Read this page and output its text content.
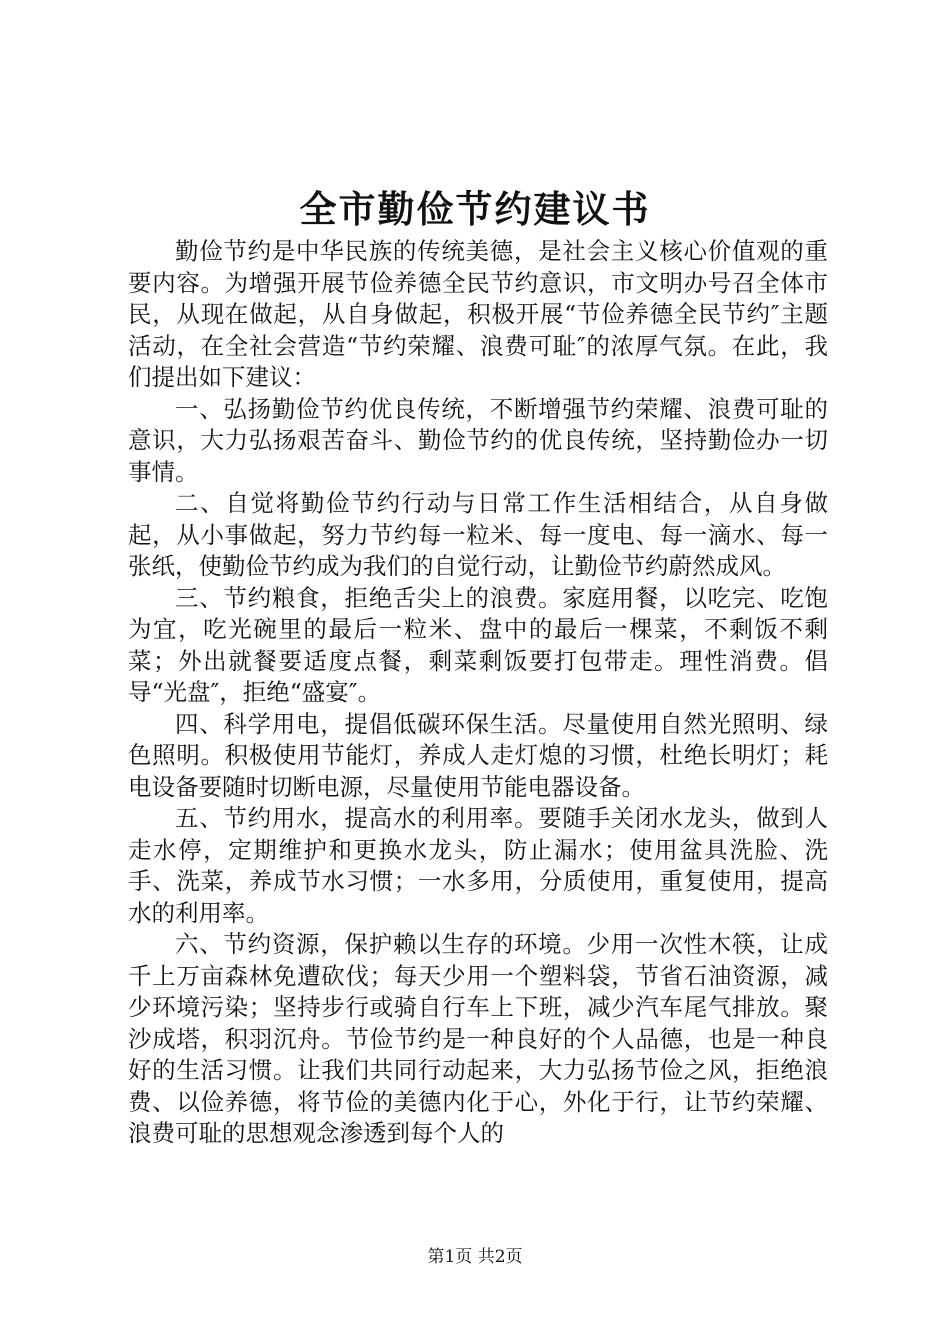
全市勤俭节约建议书

勤俭节约是中华民族的传统美德，是社会主义核心价值观的重要内容。为增强开展节俭养德全民节约意识，市文明办号召全体市民，从现在做起，从自身做起，积极开展“节俭养德全民节约″主题活动，在全社会营造“节约荣耀、浪费可耻″的浓厚气氛。在此，我们提出如下建议：

一、弘扬勤俭节约优良传统，不断增强节约荣耀、浪费可耻的意识，大力弘扬艰苦奋斗、勤俭节约的优良传统，坚持勤俭办一切事情。

二、自觉将勤俭节约行动与日常工作生活相结合，从自身做起，从小事做起，努力节约每一粒米、每一度电、每一滴水、每一张纸，使勤俭节约成为我们的自觉行动，让勤俭节约蔚然成风。

三、节约粮食，拒绝舌尖上的浪费。家庭用餐，以吃完、吃饱为宜，吃光碗里的最后一粒米、盘中的最后一棵菜，不剩饭不剩菜；外出就餐要适度点餐，剩菜剩饭要打包带走。理性消费。倡导“光盘″，拒绝“盛宴″。

四、科学用电，提倡低碳环保生活。尽量使用自然光照明、绿色照明。积极使用节能灯，养成人走灯熄的习惯，杜绝长明灯；耗电设备要随时切断电源，尽量使用节能电器设备。

五、节约用水，提高水的利用率。要随手关闭水龙头，做到人走水停，定期维护和更换水龙头，防止漏水；使用盆具洗脸、洗手、洗菜，养成节水习惯；一水多用，分质使用，重复使用，提高水的利用率。

六、节约资源，保护赖以生存的环境。少用一次性木筷，让成千上万亩森林免遭砍伐；每天少用一个塑料袋，节省石油资源，减少环境污染；坚持步行或骑自行车上下班，减少汽车尾气排放。聚沙成塔，积羽沉舟。节俭节约是一种良好的个人品德，也是一种良好的生活习惯。让我们共同行动起来，大力弘扬节俭之风，拒绝浪费、以俭养德，将节俭的美德内化于心，外化于行，让节约荣耀、浪费可耻的思想观念渗透到每个人的

第1页 共2页
